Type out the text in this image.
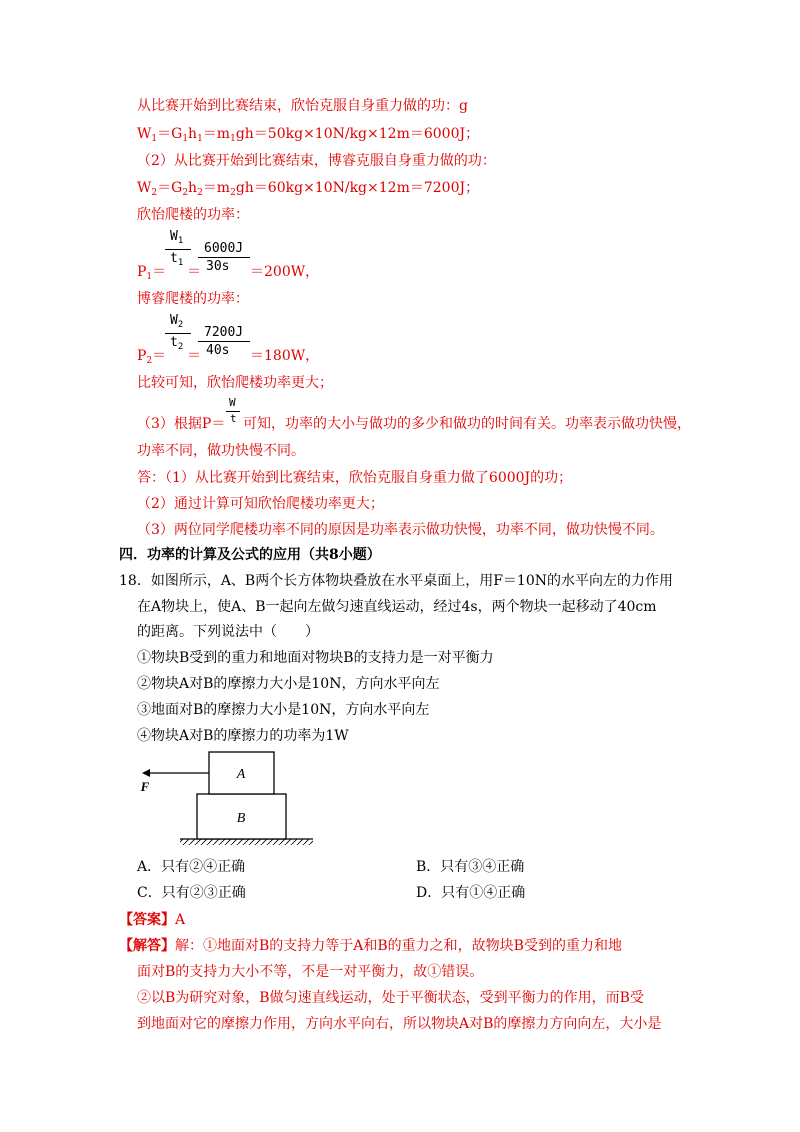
从比赛开始到比赛结束，欣怡克服自身重力做的功：g
$W_1=G_1h_1=m_1gh=50kg\times 10N/kg\times 12m=6000J$；
（2）从比赛开始到比赛结束，博睿克服自身重力做的功：
$W_2=G_2h_2=m_2gh=60kg\times 10N/kg\times 12m=7200J$；
欣怡爬楼的功率：
$W_1$
$t_1$
6000J
30s
$P_1=$ ＝	＝200W，
博睿爬楼的功率：
$W_2$
$t_2$
7200J
40s
$P_2=$ ＝	＝180W，
比较可知，欣怡爬楼功率更大；
W
t
（3）根据P＝ 可知，功率的大小与做功的多少和做功的时间有关。功率表示做功快慢，
功率不同，做功快慢不同。
答：（1）从比赛开始到比赛结束，欣怡克服自身重力做了6000J的功；
（2）通过计算可知欣怡爬楼功率更大；
（3）两位同学爬楼功率不同的原因是功率表示做功快慢，功率不同，做功快慢不同。
四．功率的计算及公式的应用（共8小题）
18．如图所示，A、B两个长方体物块叠放在水平桌面上，用F＝10N的水平向左的力作用
在A物块上，使A、B一起向左做匀速直线运动，经过4s，两个物块一起移动了40cm
的距离。下列说法中（　　）
①物块B受到的重力和地面对物块B的支持力是一对平衡力
②物块A对B的摩擦力大小是10N，方向水平向左
③地面对B的摩擦力大小是10N，方向水平向左
④物块A对B的摩擦力的功率为1W
A
B
F
A．只有②④正确	B．只有③④正确
C．只有②③正确	D．只有①④正确
【答案】A
【解答】解：①地面对B的支持力等于A和B的重力之和，故物块B受到的重力和地
面对B的支持力大小不等，不是一对平衡力，故①错误。
②以B为研究对象，B做匀速直线运动，处于平衡状态，受到平衡力的作用，而B受
到地面对它的摩擦力作用，方向水平向右，所以物块A对B的摩擦力方向向左，大小是
